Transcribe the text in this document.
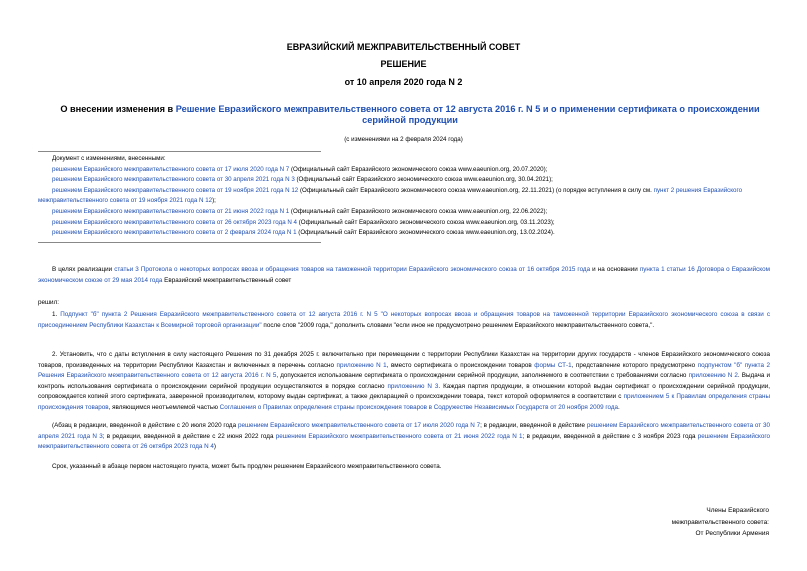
ЕВРАЗИЙСКИЙ МЕЖПРАВИТЕЛЬСТВЕННЫЙ СОВЕТ
РЕШЕНИЕ
от 10 апреля 2020 года N 2
О внесении изменения в Решение Евразийского межправительственного совета от 12 августа 2016 г. N 5 и о применении сертификата о происхождении серийной продукции
(с изменениями на 2 февраля 2024 года)
Документ с изменениями, внесенными:
решением Евразийского межправительственного совета от 17 июля 2020 года N 7 (Официальный сайт Евразийского экономического союза www.eaeunion.org, 20.07.2020);
решением Евразийского межправительственного совета от 30 апреля 2021 года N 3 (Официальный сайт Евразийского экономического союза www.eaeunion.org, 30.04.2021);
решением Евразийского межправительственного совета от 19 ноября 2021 года N 12 (Официальный сайт Евразийского экономического союза www.eaeunion.org, 22.11.2021) (о порядке вступления в силу см. пункт 2 решения Евразийского межправительственного совета от 19 ноября 2021 года N 12);
решением Евразийского межправительственного совета от 21 июня 2022 года N 1 (Официальный сайт Евразийского экономического союза www.eaeunion.org, 22.06.2022);
решением Евразийского межправительственного совета от 26 октября 2023 года N 4 (Официальный сайт Евразийского экономического союза www.eaeunion.org, 03.11.2023);
решением Евразийского межправительственного совета от 2 февраля 2024 года N 1 (Официальный сайт Евразийского экономического союза www.eaeunion.org, 13.02.2024).
В целях реализации статьи 3 Протокола о некоторых вопросах ввоза и обращения товаров на таможенной территории Евразийского экономического союза от 16 октября 2015 года и на основании пункта 1 статьи 16 Договора о Евразийском экономическом союзе от 29 мая 2014 года Евразийский межправительственный совет
решил:
1. Подпункт "б" пункта 2 Решения Евразийского межправительственного совета от 12 августа 2016 г. N 5 "О некоторых вопросах ввоза и обращения товаров на таможенной территории Евразийского экономического союза в связи с присоединением Республики Казахстан к Всемирной торговой организации" после слов "2009 года," дополнить словами "если иное не предусмотрено решением Евразийского межправительственного совета,".
2. Установить, что с даты вступления в силу настоящего Решения по 31 декабря 2025 г. включительно при перемещении с территории Республики Казахстан на территории других государств - членов Евразийского экономического союза товаров, произведенных на территории Республики Казахстан и включенных в перечень согласно приложению N 1, вместо сертификата о происхождении товаров формы СТ-1, представление которого предусмотрено подпунктом "б" пункта 2 Решения Евразийского межправительственного совета от 12 августа 2016 г. N 5, допускается использование сертификата о происхождении серийной продукции, заполняемого в соответствии с требованиями согласно приложению N 2. Выдача и контроль использования сертификата о происхождении серийной продукции осуществляются в порядке согласно приложению N 3. Каждая партия продукции, в отношении которой выдан сертификат о происхождении серийной продукции, сопровождается копией этого сертификата, заверенной производителем, которому выдан сертификат, а также декларацией о происхождении товара, текст которой оформляется в соответствии с приложением 5 к Правилам определения страны происхождения товаров, являющимся неотъемлемой частью Соглашения о Правилах определения страны происхождения товаров в Содружестве Независимых Государств от 20 ноября 2009 года.
(Абзац в редакции, введенной в действие с 20 июля 2020 года решением Евразийского межправительственного совета от 17 июля 2020 года N 7; в редакции, введенной в действие решением Евразийского межправительственного совета от 30 апреля 2021 года N 3; в редакции, введенной в действие с 22 июня 2022 года решением Евразийского межправительственного совета от 21 июня 2022 года N 1; в редакции, введенной в действие с 3 ноября 2023 года решением Евразийского межправительственного совета от 26 октября 2023 года N 4)
Срок, указанный в абзаце первом настоящего пункта, может быть продлен решением Евразийского межправительственного совета.
Члены Евразийского
межправительственного совета:
От Республики Армения
